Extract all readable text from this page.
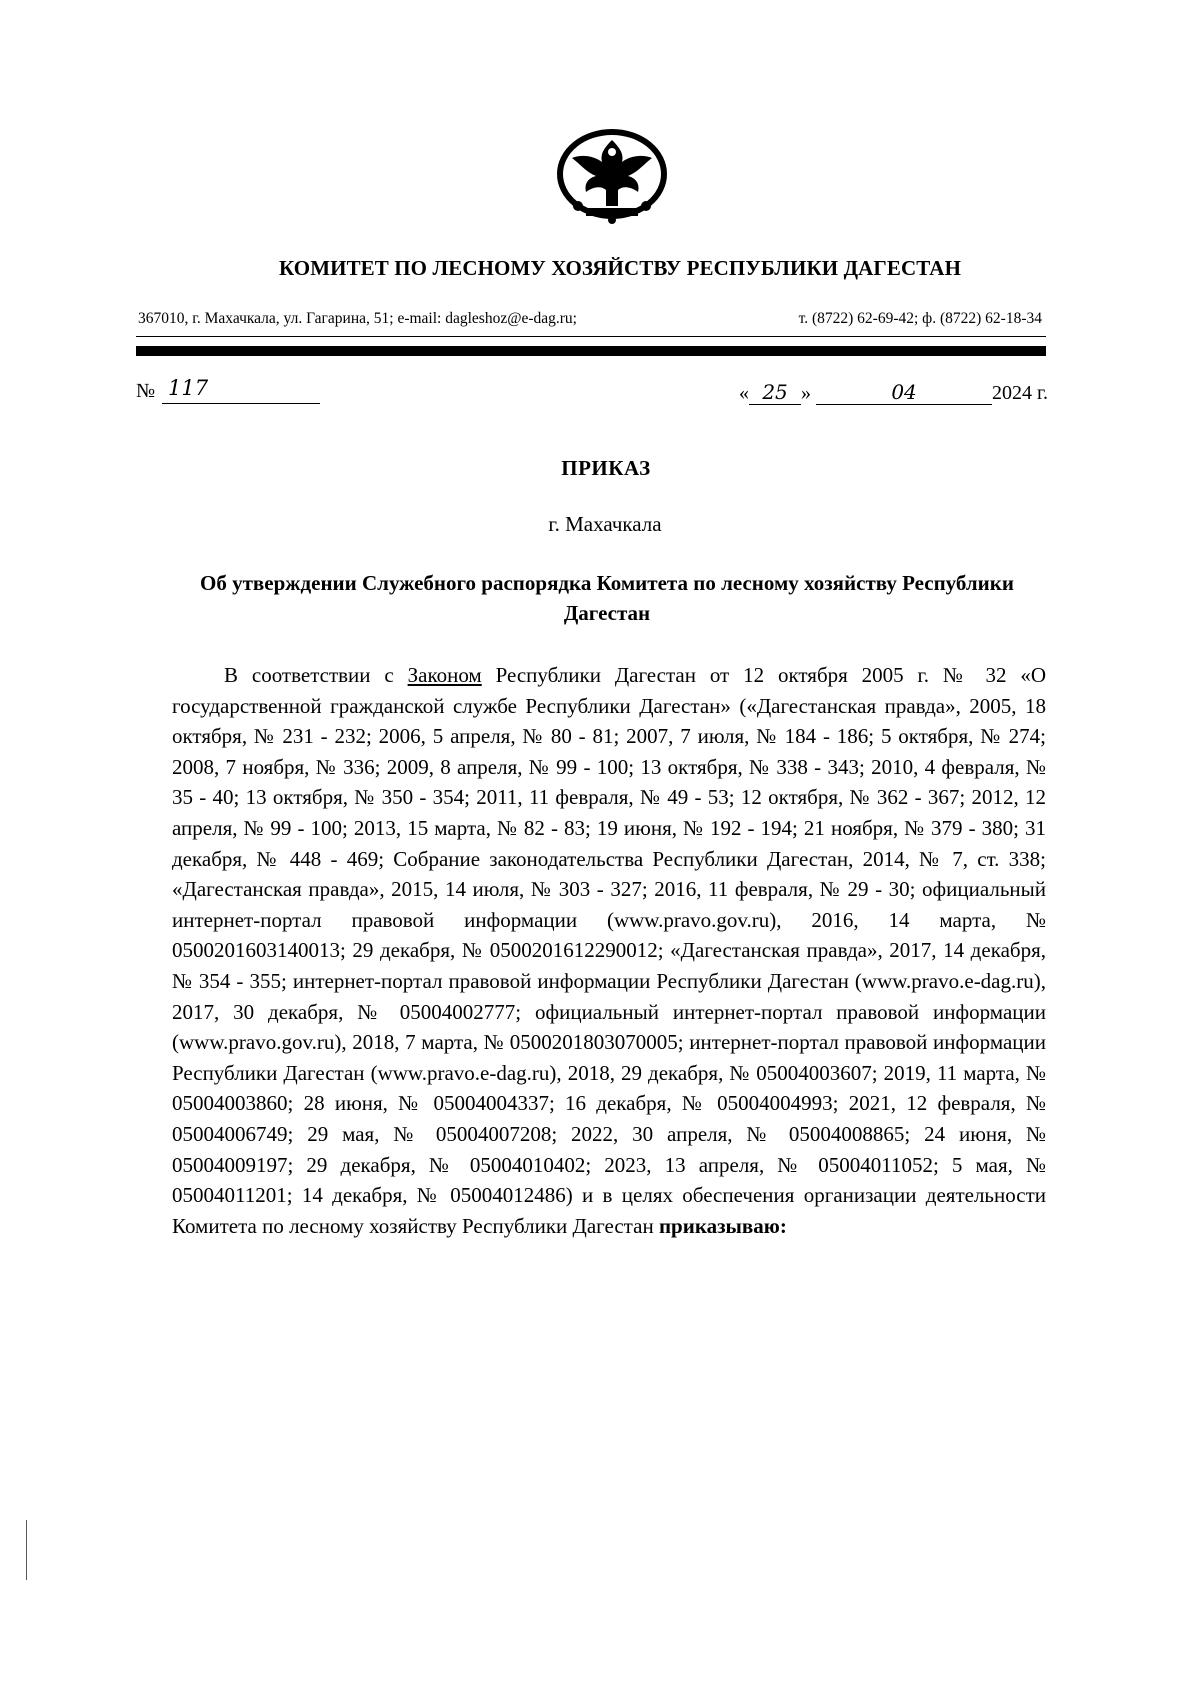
КОМИТЕТ ПО ЛЕСНОМУ ХОЗЯЙСТВУ РЕСПУБЛИКИ ДАГЕСТАН
367010, г. Махачкала, ул. Гагарина, 51; e-mail: dagleshoz@e-dag.ru;	т. (8722) 62-69-42; ф. (8722) 62-18-34
№ 117	« 25 »	04	2024 г.
ПРИКАЗ
г. Махачкала
Об утверждении Служебного распорядка Комитета по лесному хозяйству Республики Дагестан
В соответствии с Законом Республики Дагестан от 12 октября 2005 г. № 32 «О государственной гражданской службе Республики Дагестан» («Дагестанская правда», 2005, 18 октября, № 231 - 232; 2006, 5 апреля, № 80 - 81; 2007, 7 июля, № 184 - 186; 5 октября, № 274; 2008, 7 ноября, № 336; 2009, 8 апреля, № 99 - 100; 13 октября, № 338 - 343; 2010, 4 февраля, № 35 - 40; 13 октября, № 350 - 354; 2011, 11 февраля, № 49 - 53; 12 октября, № 362 - 367; 2012, 12 апреля, № 99 - 100; 2013, 15 марта, № 82 - 83; 19 июня, № 192 - 194; 21 ноября, № 379 - 380; 31 декабря, № 448 - 469; Собрание законодательства Республики Дагестан, 2014, № 7, ст. 338; «Дагестанская правда», 2015, 14 июля, № 303 - 327; 2016, 11 февраля, № 29 - 30; официальный интернет-портал правовой информации (www.pravo.gov.ru), 2016, 14 марта, № 0500201603140013; 29 декабря, № 0500201612290012; «Дагестанская правда», 2017, 14 декабря, № 354 - 355; интернет-портал правовой информации Республики Дагестан (www.pravo.e-dag.ru), 2017, 30 декабря, № 05004002777; официальный интернет-портал правовой информации (www.pravo.gov.ru), 2018, 7 марта, № 0500201803070005; интернет-портал правовой информации Республики Дагестан (www.pravo.e-dag.ru), 2018, 29 декабря, № 05004003607; 2019, 11 марта, № 05004003860; 28 июня, № 05004004337; 16 декабря, № 05004004993; 2021, 12 февраля, № 05004006749; 29 мая, № 05004007208; 2022, 30 апреля, № 05004008865; 24 июня, № 05004009197; 29 декабря, № 05004010402; 2023, 13 апреля, № 05004011052; 5 мая, № 05004011201; 14 декабря, № 05004012486) и в целях обеспечения организации деятельности Комитета по лесному хозяйству Республики Дагестан приказываю:
